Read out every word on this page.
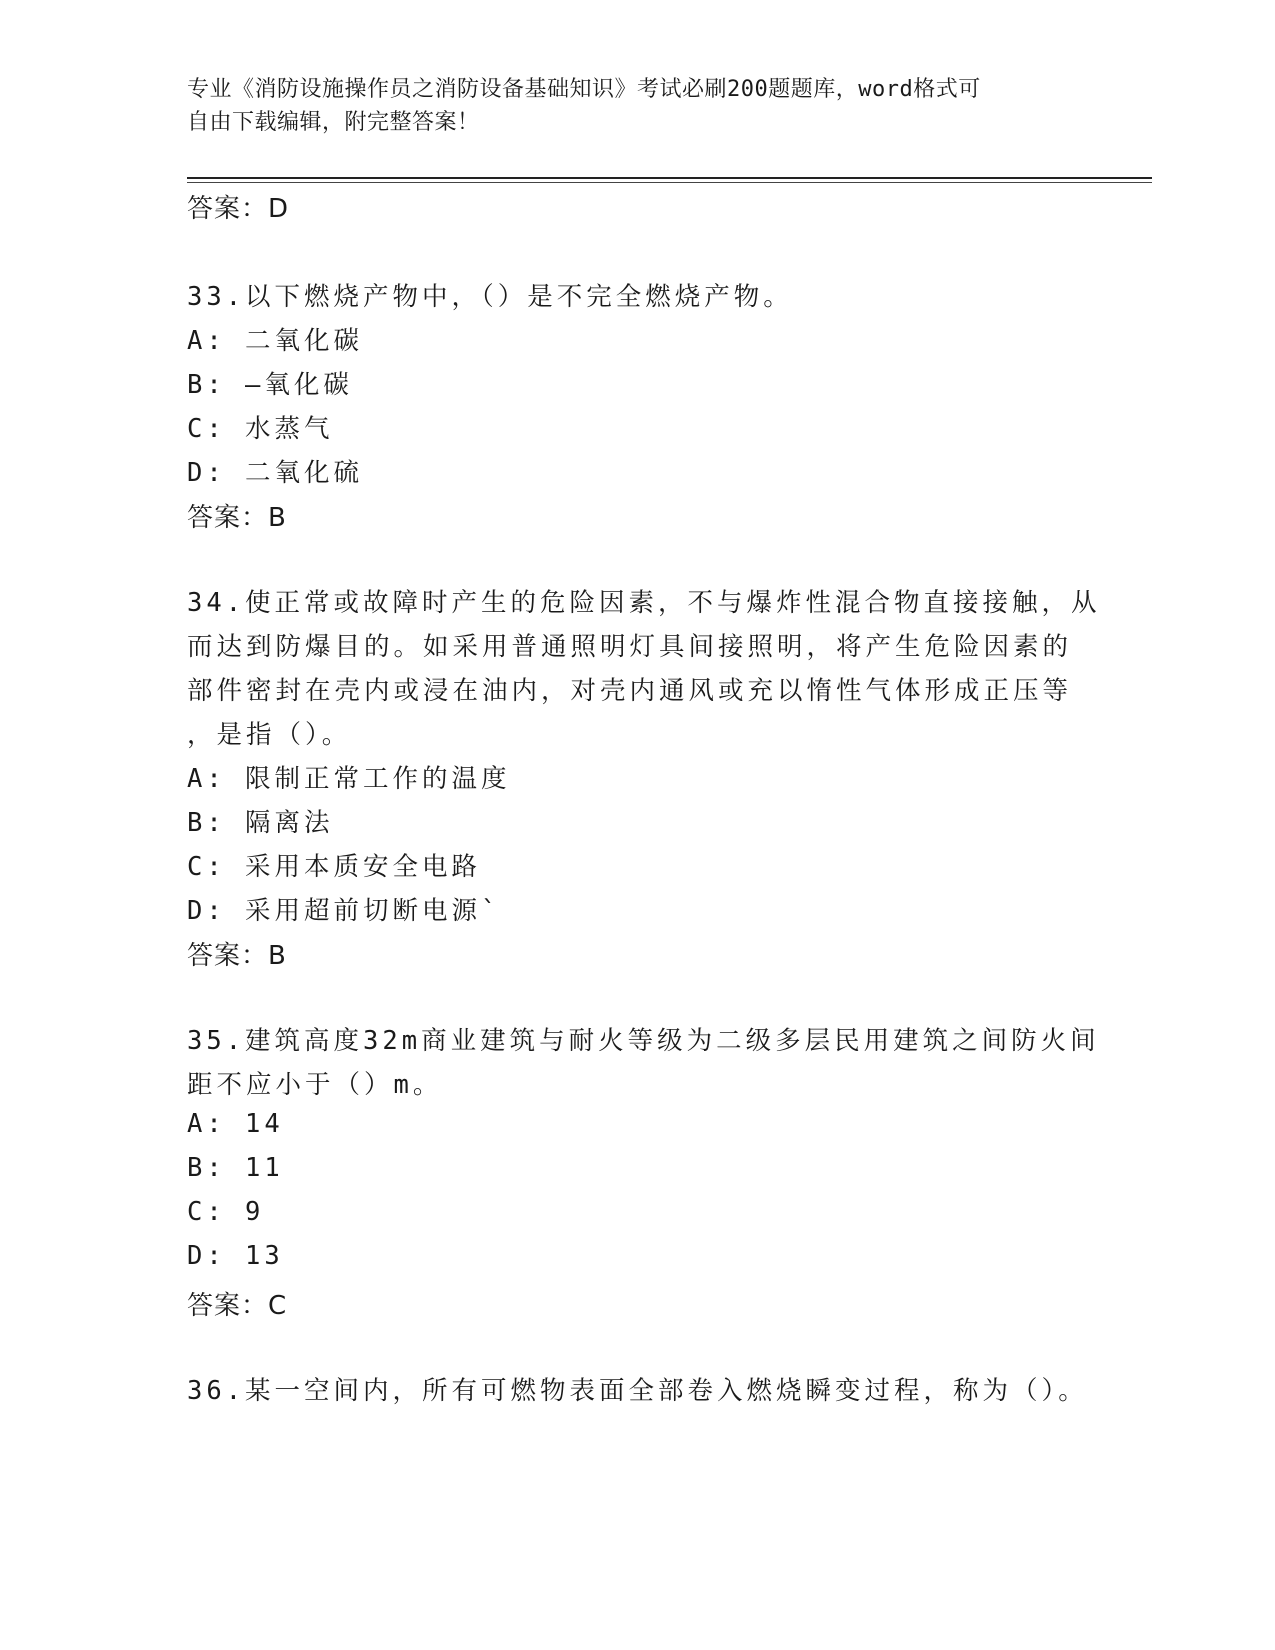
专业《消防设施操作员之消防设备基础知识》考试必刷200题题库，word格式可
自由下载编辑，附完整答案！
答案：D
33.以下燃烧产物中，（）是不完全燃烧产物。
A: 二氧化碳
B: —氧化碳
C: 水蒸气
D: 二氧化硫
答案：B
34.使正常或故障时产生的危险因素，不与爆炸性混合物直接接触，从
而达到防爆目的。如采用普通照明灯具间接照明，将产生危险因素的
部件密封在壳内或浸在油内，对壳内通风或充以惰性气体形成正压等
，是指（）。
A: 限制正常工作的温度
B: 隔离法
C: 采用本质安全电路
D: 采用超前切断电源`
答案：B
35.建筑高度32m商业建筑与耐火等级为二级多层民用建筑之间防火间
距不应小于（）m。
A: 14
B: 11
C: 9
D: 13
答案：C
36.某一空间内，所有可燃物表面全部卷入燃烧瞬变过程，称为（）。
